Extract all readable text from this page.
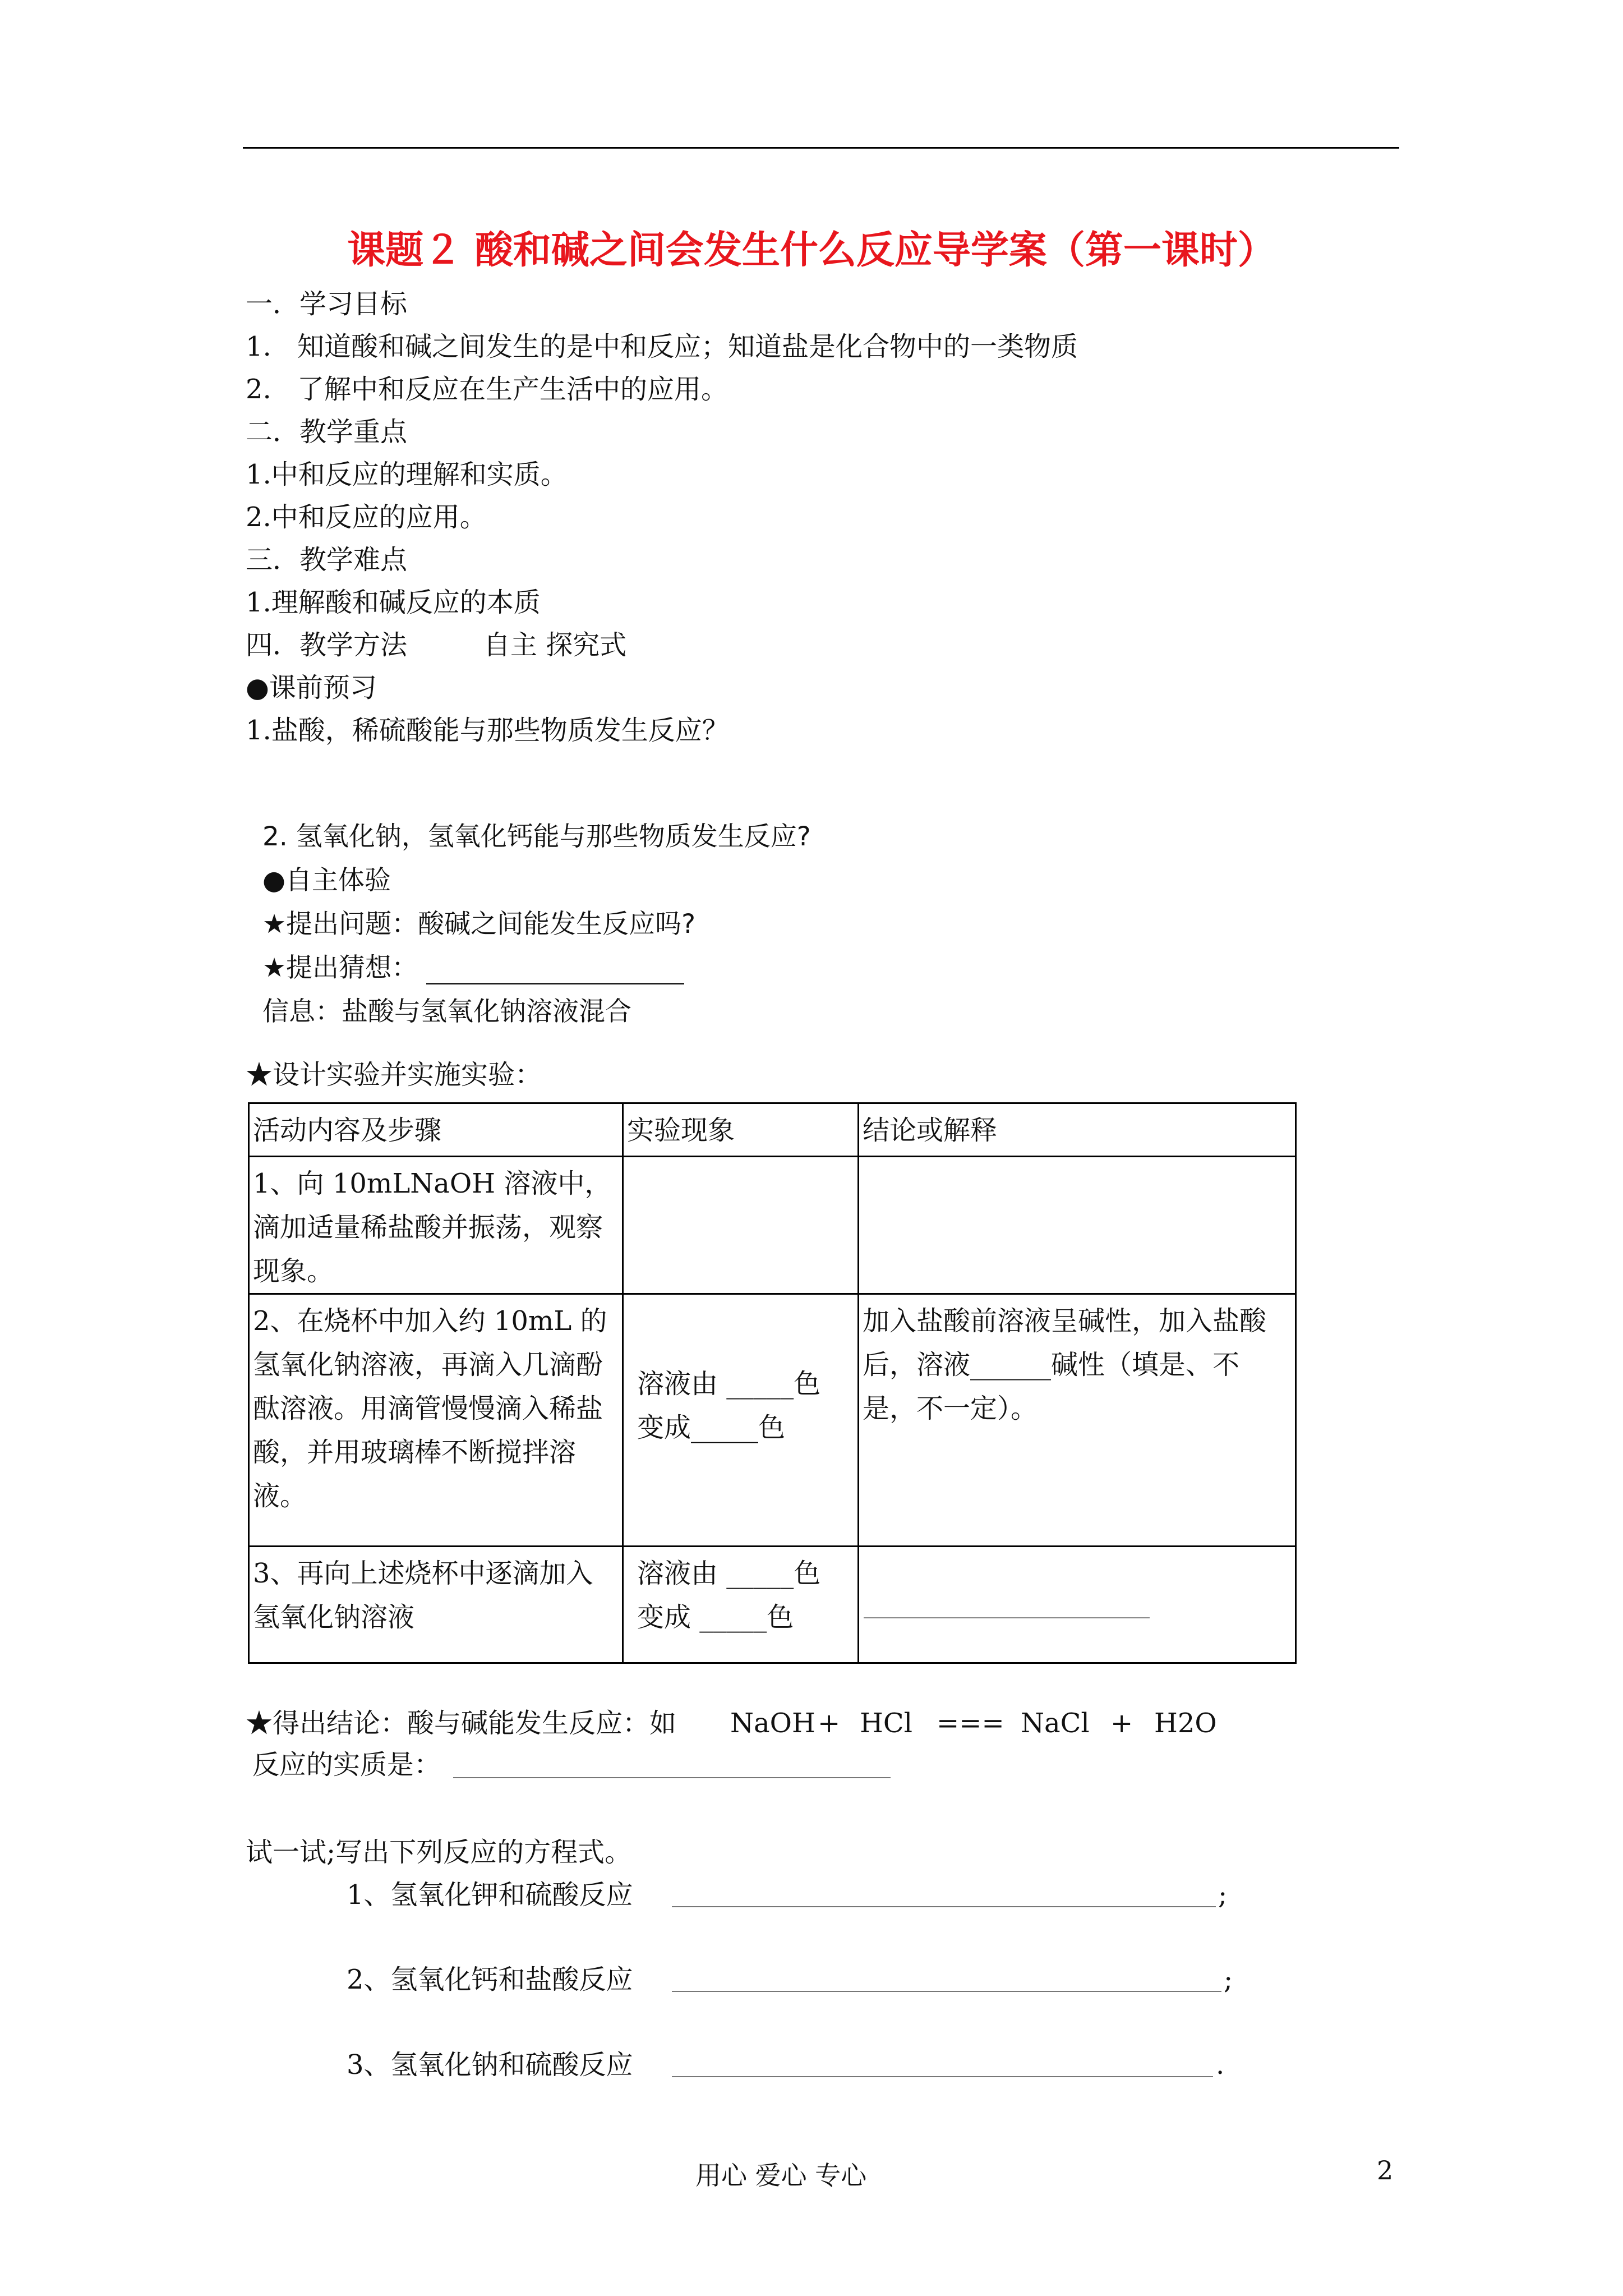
课题２ 酸和碱之间会发生什么反应导学案（第一课时）
一．学习目标
1. 知道酸和碱之间发生的是中和反应；知道盐是化合物中的一类物质
2. 了解中和反应在生产生活中的应用。
二．教学重点
1.中和反应的理解和实质。
2.中和反应的应用。
三．教学难点
1.理解酸和碱反应的本质
四．教学方法	自主 探究式
●课前预习
1.盐酸，稀硫酸能与那些物质发生反应？
2. 氢氧化钠，氢氧化钙能与那些物质发生反应?
●自主体验
★提出问题：酸碱之间能发生反应吗?
★提出猜想：
信息：盐酸与氢氧化钠溶液混合
★设计实验并实施实验：
活动内容及步骤	实验现象	结论或解释
1、向 10mLNaOH 溶液中，滴加适量稀盐酸并振荡，观察现象。		
2、在烧杯中加入约 10mL 的氢氧化钠溶液，再滴入几滴酚酞溶液。用滴管慢慢滴入稀盐酸，并用玻璃棒不断搅拌溶液。	溶液由 _____色
变成_____色	加入盐酸前溶液呈碱性，加入盐酸后，溶液______碱性（填是、不是，不一定）。
3、再向上述烧杯中逐滴加入氢氧化钠溶液	溶液由 _____色
变成 _____色	

★得出结论：酸与碱能发生反应：如 NaOH + HCl === NaCl + H2O
反应的实质是：
试一试;写出下列反应的方程式。
1、氢氧化钾和硫酸反应	;
2、氢氧化钙和盐酸反应	;
3、氢氧化钠和硫酸反应	.
用心 爱心 专心	2
